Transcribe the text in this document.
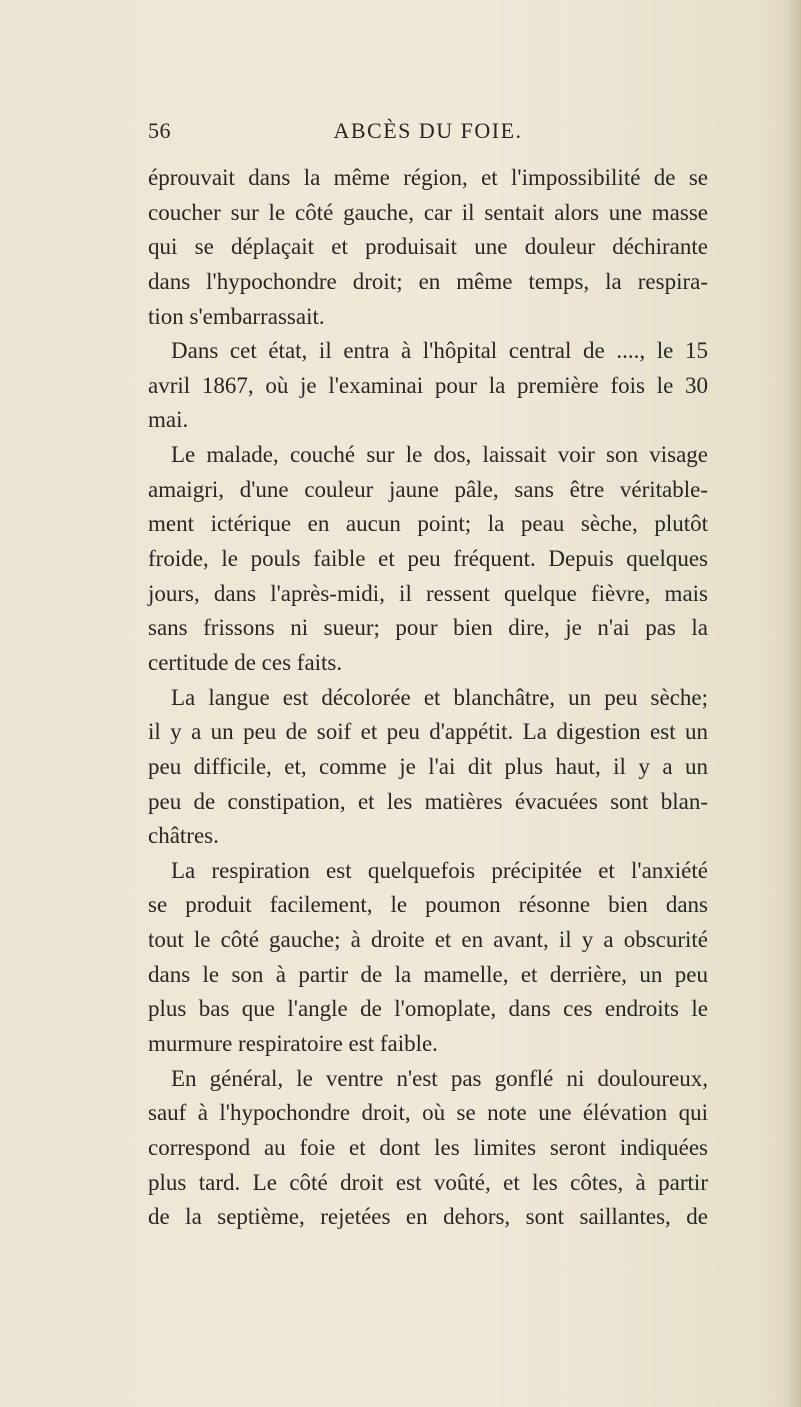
56	ABCÈS DU FOIE.
éprouvait dans la même région, et l'impossibilité de se
coucher sur le côté gauche, car il sentait alors une masse
qui se déplaçait et produisait une douleur déchirante
dans l'hypochondre droit; en même temps, la respira-
tion s'embarrassait.
Dans cet état, il entra à l'hôpital central de ...., le 15
avril 1867, où je l'examinai pour la première fois le 30
mai.
Le malade, couché sur le dos, laissait voir son visage
amaigri, d'une couleur jaune pâle, sans être véritable-
ment ictérique en aucun point; la peau sèche, plutôt
froide, le pouls faible et peu fréquent. Depuis quelques
jours, dans l'après-midi, il ressent quelque fièvre, mais
sans frissons ni sueur; pour bien dire, je n'ai pas la
certitude de ces faits.
La langue est décolorée et blanchâtre, un peu sèche;
il y a un peu de soif et peu d'appétit. La digestion est un
peu difficile, et, comme je l'ai dit plus haut, il y a un
peu de constipation, et les matières évacuées sont blan-
châtres.
La respiration est quelquefois précipitée et l'anxiété
se produit facilement, le poumon résonne bien dans
tout le côté gauche; à droite et en avant, il y a obscurité
dans le son à partir de la mamelle, et derrière, un peu
plus bas que l'angle de l'omoplate, dans ces endroits le
murmure respiratoire est faible.
En général, le ventre n'est pas gonflé ni douloureux,
sauf à l'hypochondre droit, où se note une élévation qui
correspond au foie et dont les limites seront indiquées
plus tard. Le côté droit est voûté, et les côtes, à partir
de la septième, rejetées en dehors, sont saillantes, de
